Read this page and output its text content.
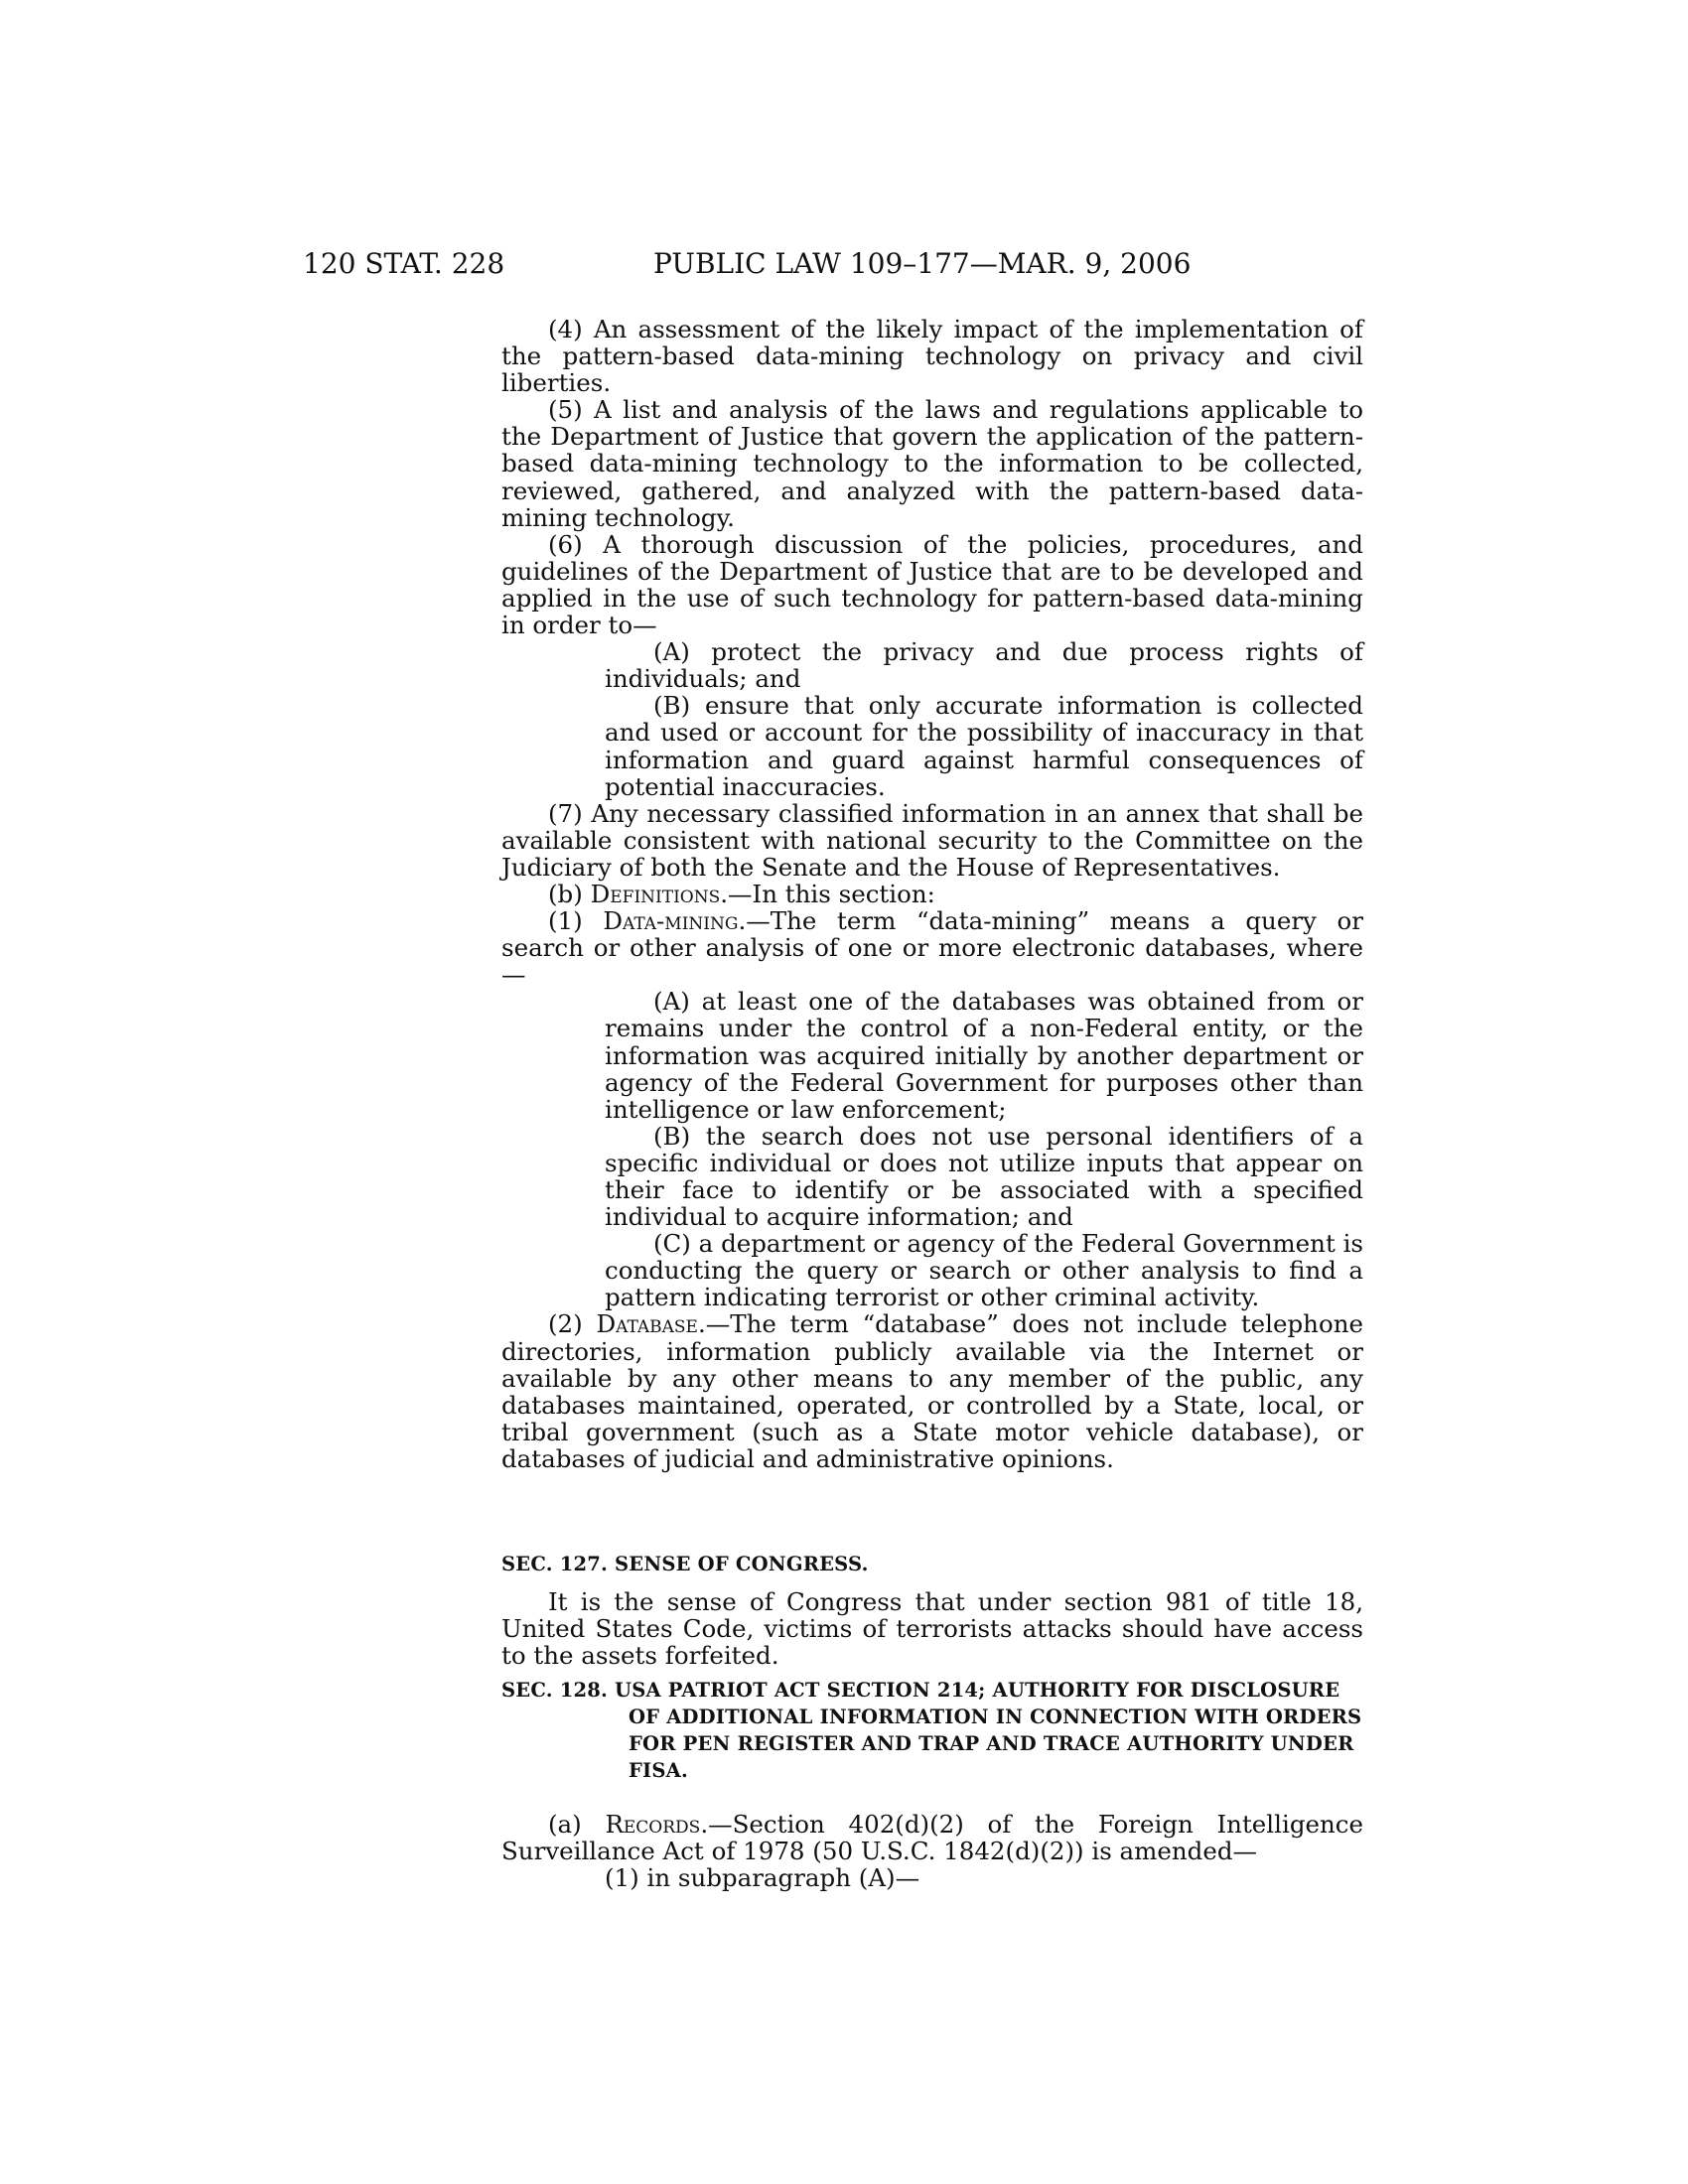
120 STAT. 228	PUBLIC LAW 109–177—MAR. 9, 2006

(4) An assessment of the likely impact of the implementation of the pattern-based data-mining technology on privacy and civil liberties.

(5) A list and analysis of the laws and regulations applicable to the Department of Justice that govern the application of the pattern-based data-mining technology to the information to be collected, reviewed, gathered, and analyzed with the pattern-based data-mining technology.

(6) A thorough discussion of the policies, procedures, and guidelines of the Department of Justice that are to be developed and applied in the use of such technology for pattern-based data-mining in order to—

(A) protect the privacy and due process rights of individuals; and

(B) ensure that only accurate information is collected and used or account for the possibility of inaccuracy in that information and guard against harmful consequences of potential inaccuracies.

(7) Any necessary classified information in an annex that shall be available consistent with national security to the Committee on the Judiciary of both the Senate and the House of Representatives.

(b) Definitions.—In this section:

(1) Data-mining.—The term “data-mining” means a query or search or other analysis of one or more electronic databases, where—

(A) at least one of the databases was obtained from or remains under the control of a non-Federal entity, or the information was acquired initially by another department or agency of the Federal Government for purposes other than intelligence or law enforcement;

(B) the search does not use personal identifiers of a specific individual or does not utilize inputs that appear on their face to identify or be associated with a specified individual to acquire information; and

(C) a department or agency of the Federal Government is conducting the query or search or other analysis to find a pattern indicating terrorist or other criminal activity.

(2) Database.—The term “database” does not include telephone directories, information publicly available via the Internet or available by any other means to any member of the public, any databases maintained, operated, or controlled by a State, local, or tribal government (such as a State motor vehicle database), or databases of judicial and administrative opinions.

SEC. 127. SENSE OF CONGRESS.

It is the sense of Congress that under section 981 of title 18, United States Code, victims of terrorists attacks should have access to the assets forfeited.

SEC. 128. USA PATRIOT ACT SECTION 214; AUTHORITY FOR DISCLOSURE OF ADDITIONAL INFORMATION IN CONNECTION WITH ORDERS FOR PEN REGISTER AND TRAP AND TRACE AUTHORITY UNDER FISA.

(a) Records.—Section 402(d)(2) of the Foreign Intelligence Surveillance Act of 1978 (50 U.S.C. 1842(d)(2)) is amended—

(1) in subparagraph (A)—
